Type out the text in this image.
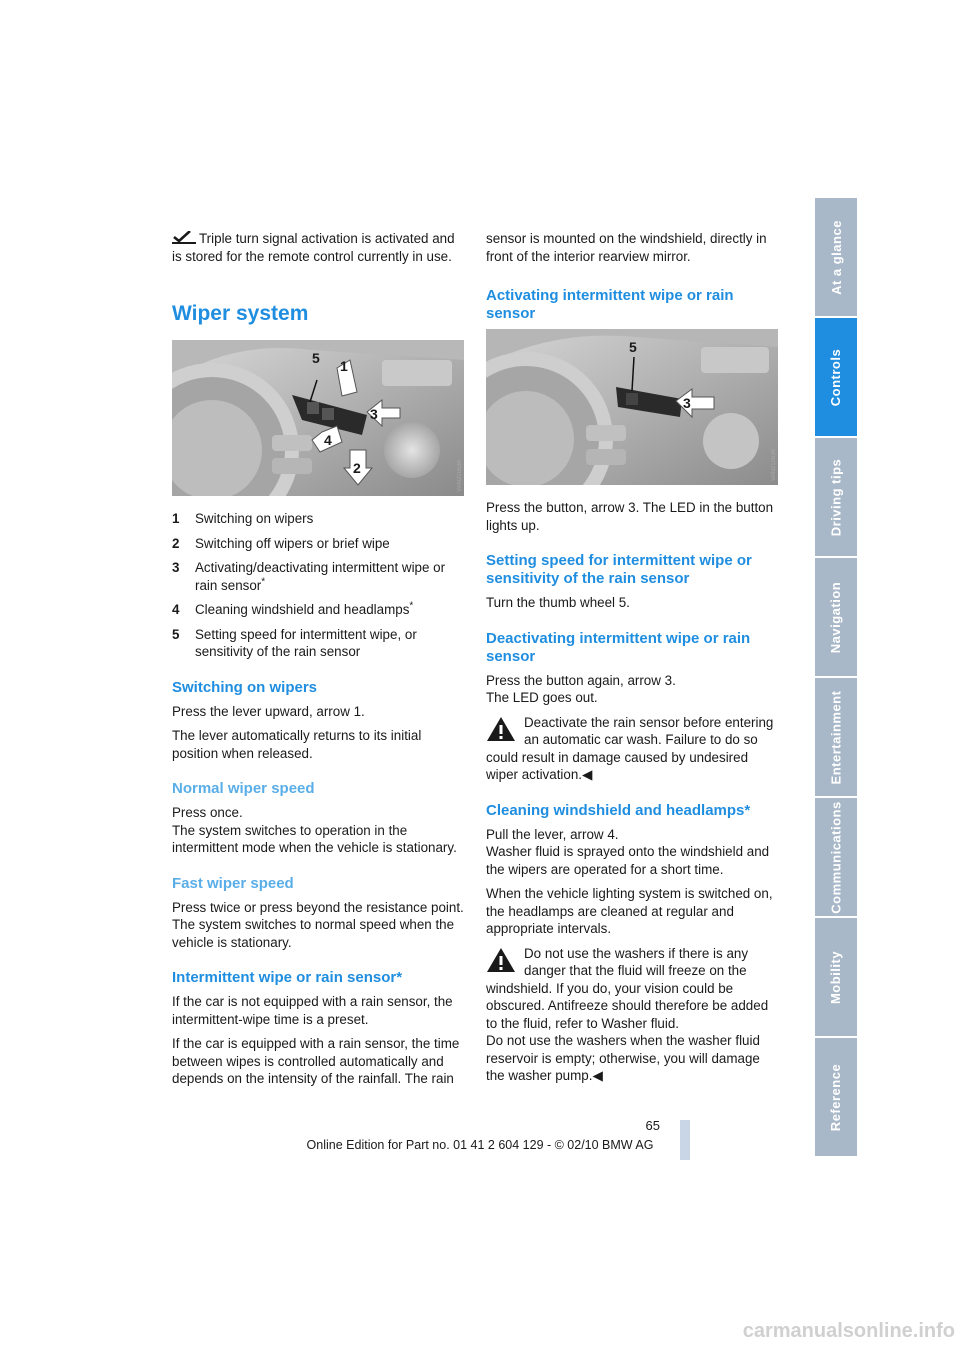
Triple turn signal activation is activated and is stored for the remote control currently in use.

Wiper system
5 1
3
4
2	VAN210534
1	Switching on wipers
2	Switching off wipers or brief wipe
3	Activating/deactivating intermittent wipe or rain sensor*
4	Cleaning windshield and headlamps*
5	Setting speed for intermittent wipe, or sensitivity of the rain sensor
Switching on wipers

Press the lever upward, arrow 1.

The lever automatically returns to its initial position when released.

Normal wiper speed

Press once.

The system switches to operation in the intermittent mode when the vehicle is stationary.

Fast wiper speed

Press twice or press beyond the resistance point.

The system switches to normal speed when the vehicle is stationary.

Intermittent wipe or rain sensor*

If the car is not equipped with a rain sensor, the intermittent-wipe time is a preset.

If the car is equipped with a rain sensor, the time between wipes is controlled automatically and depends on the intensity of the rainfall. The rain

sensor is mounted on the windshield, directly in front of the interior rearview mirror.

Activating intermittent wipe or rain sensor
5
3
VAN210534

Press the button, arrow 3. The LED in the button lights up.

Setting speed for intermittent wipe or sensitivity of the rain sensor

Turn the thumb wheel 5.

Deactivating intermittent wipe or rain sensor

Press the button again, arrow 3.

The LED goes out.

Deactivate the rain sensor before entering an automatic car wash. Failure to do so could result in damage caused by undesired wiper activation.◀

Cleaning windshield and headlamps*

Pull the lever, arrow 4.

Washer fluid is sprayed onto the windshield and the wipers are operated for a short time.

When the vehicle lighting system is switched on, the headlamps are cleaned at regular and appropriate intervals.

Do not use the washers if there is any danger that the fluid will freeze on the windshield. If you do, your vision could be obscured. Antifreeze should therefore be added to the fluid, refer to Washer fluid.

Do not use the washers when the washer fluid reservoir is empty; otherwise, you will damage the washer pump.◀

At a glance
Controls
Driving tips
Navigation
Entertainment
Communications
Mobility
Reference
65
Online Edition for Part no. 01 41 2 604 129 - © 02/10 BMW AG
carmanualsonline.info
